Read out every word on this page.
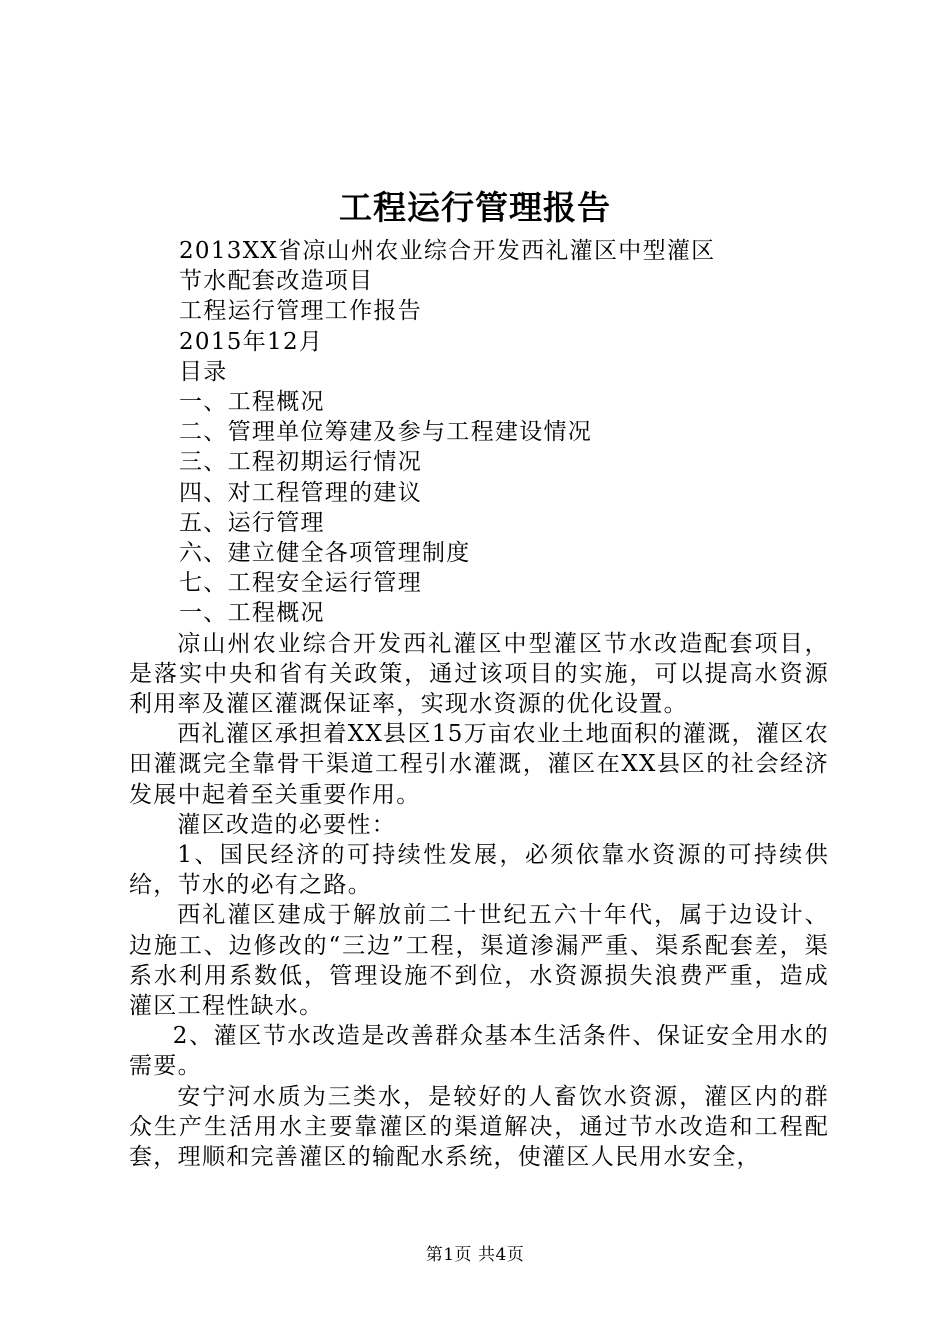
工程运行管理报告
2013XX省凉山州农业综合开发西礼灌区中型灌区
节水配套改造项目
工程运行管理工作报告
2015年12月
目录
一、工程概况
二、管理单位筹建及参与工程建设情况
三、工程初期运行情况
四、对工程管理的建议
五、运行管理
六、建立健全各项管理制度
七、工程安全运行管理
一、工程概况
凉山州农业综合开发西礼灌区中型灌区节水改造配套项目，是落实中央和省有关政策，通过该项目的实施，可以提高水资源利用率及灌区灌溉保证率，实现水资源的优化设置。
西礼灌区承担着XX县区15万亩农业土地面积的灌溉，灌区农田灌溉完全靠骨干渠道工程引水灌溉，灌区在XX县区的社会经济发展中起着至关重要作用。
灌区改造的必要性：
1、国民经济的可持续性发展，必须依靠水资源的可持续供给，节水的必有之路。
西礼灌区建成于解放前二十世纪五六十年代，属于边设计、边施工、边修改的“三边”工程，渠道渗漏严重、渠系配套差，渠系水利用系数低，管理设施不到位，水资源损失浪费严重，造成灌区工程性缺水。
2、灌区节水改造是改善群众基本生活条件、保证安全用水的需要。
安宁河水质为三类水，是较好的人畜饮水资源，灌区内的群众生产生活用水主要靠灌区的渠道解决，通过节水改造和工程配套，理顺和完善灌区的输配水系统，使灌区人民用水安全，
第1页 共4页
